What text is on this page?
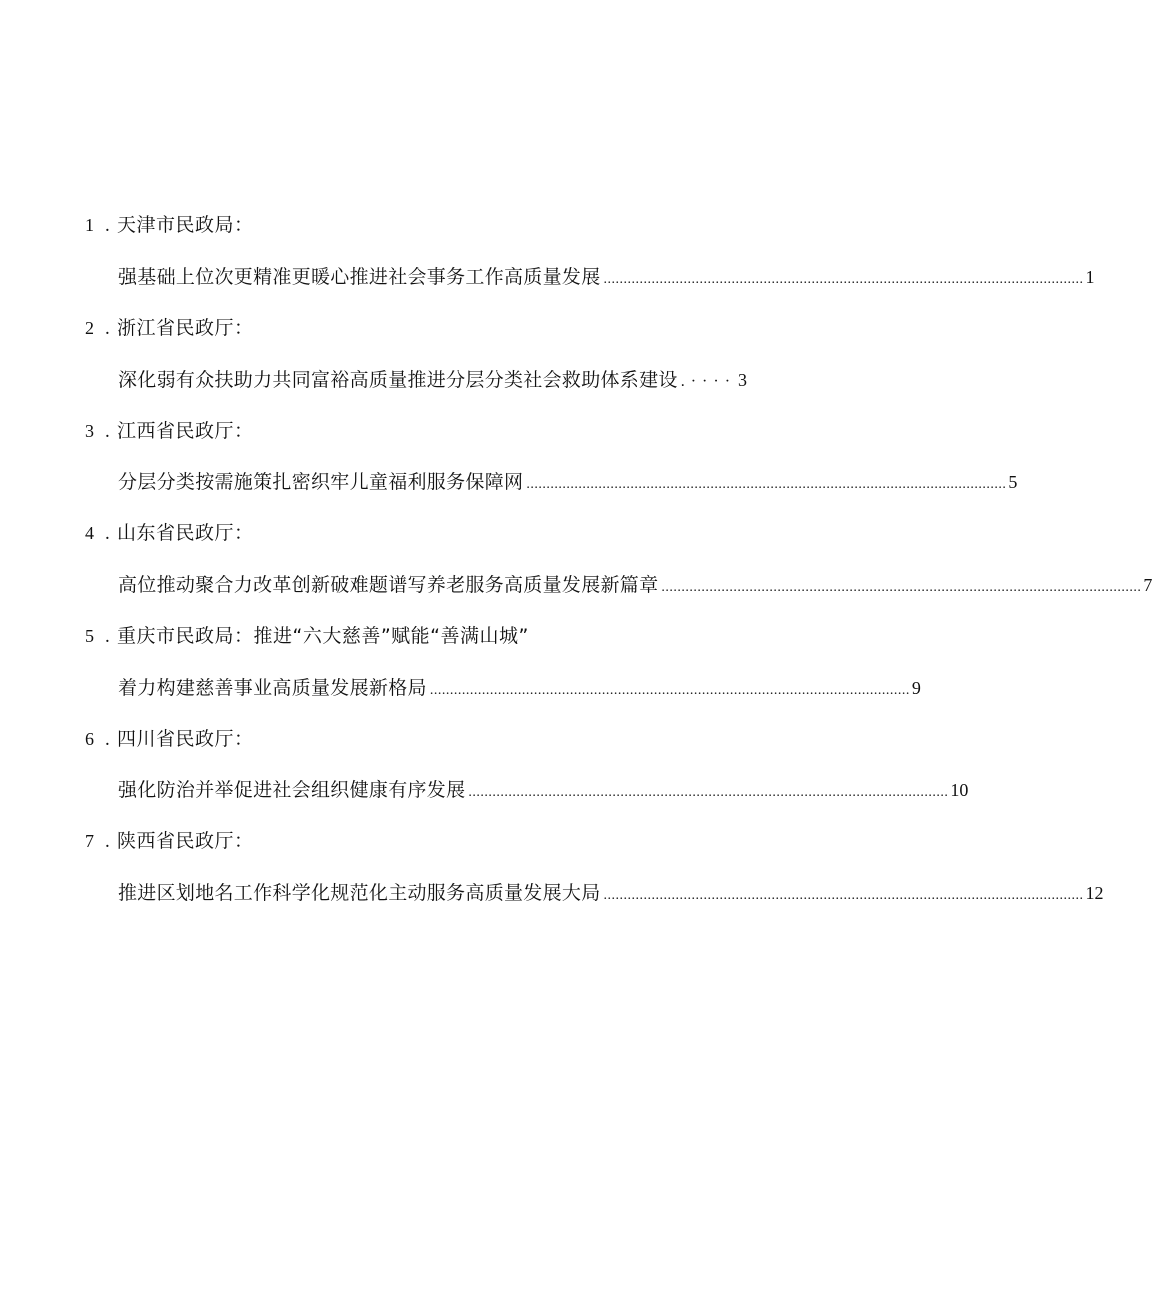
1 . 天津市民政局：
强基础上位次更精准更暖心推进社会事务工作高质量发展 ........................................................................................................................ 1
2 . 浙江省民政厅：
深化弱有众扶助力共同富裕高质量推进分层分类社会救助体系建设 .···· 3
3 . 江西省民政厅：
分层分类按需施策扎密织牢儿童福利服务保障网 ........................................................................................................................ 5
4 . 山东省民政厅：
高位推动聚合力改革创新破难题谱写养老服务高质量发展新篇章 ........................................................................................................................ 7
5 . 重庆市民政局：推进“六大慈善”赋能“善满山城”
着力构建慈善事业高质量发展新格局 ........................................................................................................................ 9
6 . 四川省民政厅：
强化防治并举促进社会组织健康有序发展 ........................................................................................................................ 10
7 . 陕西省民政厅：
推进区划地名工作科学化规范化主动服务高质量发展大局 ........................................................................................................................ 12
